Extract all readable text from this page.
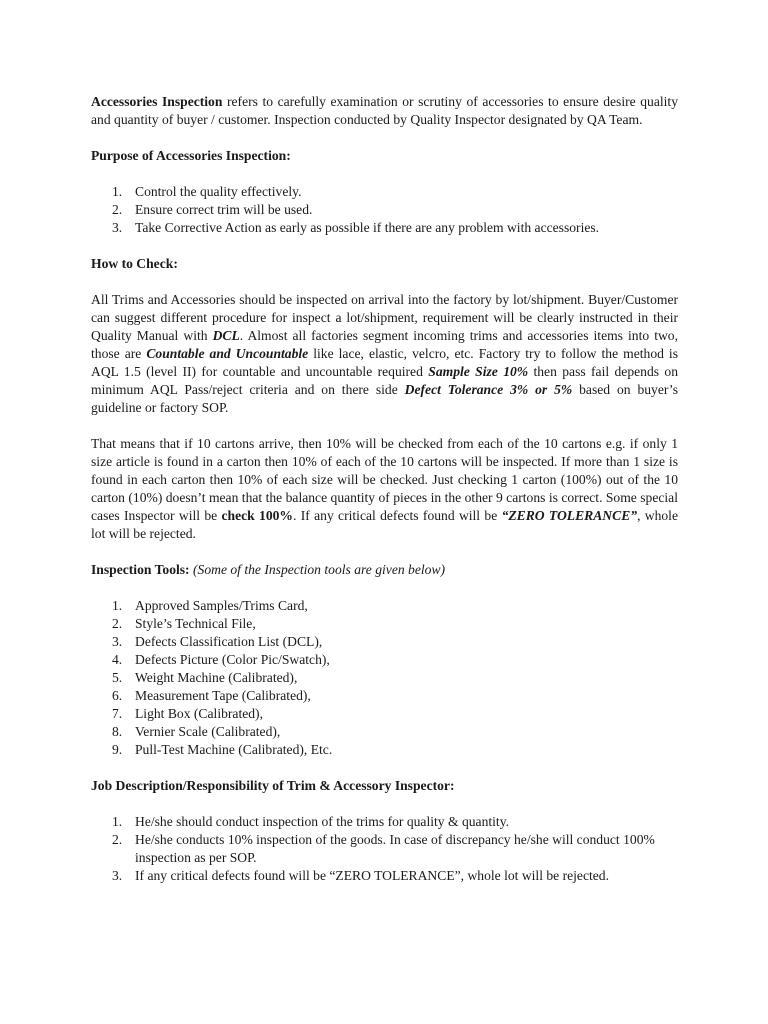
Accessories Inspection refers to carefully examination or scrutiny of accessories to ensure desire quality and quantity of buyer / customer. Inspection conducted by Quality Inspector designated by QA Team.

Purpose of Accessories Inspection:
1. Control the quality effectively.
2. Ensure correct trim will be used.
3. Take Corrective Action as early as possible if there are any problem with accessories.
How to Check:

All Trims and Accessories should be inspected on arrival into the factory by lot/shipment. Buyer/Customer can suggest different procedure for inspect a lot/shipment, requirement will be clearly instructed in their Quality Manual with DCL. Almost all factories segment incoming trims and accessories items into two, those are Countable and Uncountable like lace, elastic, velcro, etc. Factory try to follow the method is AQL 1.5 (level II) for countable and uncountable required Sample Size 10% then pass fail depends on minimum AQL Pass/reject criteria and on there side Defect Tolerance 3% or 5% based on buyer’s guideline or factory SOP.

That means that if 10 cartons arrive, then 10% will be checked from each of the 10 cartons e.g. if only 1 size article is found in a carton then 10% of each of the 10 cartons will be inspected. If more than 1 size is found in each carton then 10% of each size will be checked. Just checking 1 carton (100%) out of the 10 carton (10%) doesn’t mean that the balance quantity of pieces in the other 9 cartons is correct. Some special cases Inspector will be check 100%. If any critical defects found will be “ZERO TOLERANCE”, whole lot will be rejected.

Inspection Tools: (Some of the Inspection tools are given below)
1. Approved Samples/Trims Card,
2. Style’s Technical File,
3. Defects Classification List (DCL),
4. Defects Picture (Color Pic/Swatch),
5. Weight Machine (Calibrated),
6. Measurement Tape (Calibrated),
7. Light Box (Calibrated),
8. Vernier Scale (Calibrated),
9. Pull-Test Machine (Calibrated), Etc.
Job Description/Responsibility of Trim & Accessory Inspector:
1. He/she should conduct inspection of the trims for quality & quantity.
2. He/she conducts 10% inspection of the goods. In case of discrepancy he/she will conduct 100% inspection as per SOP.
3. If any critical defects found will be “ZERO TOLERANCE”, whole lot will be rejected.
